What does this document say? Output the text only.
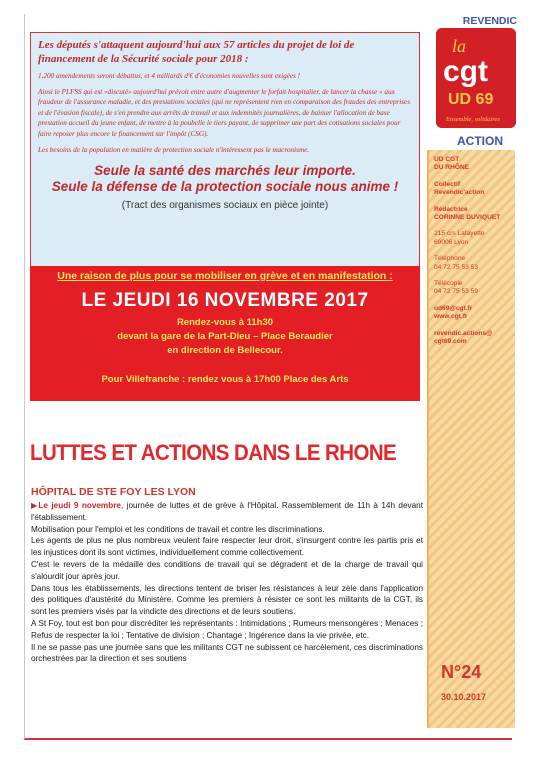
Les députés s'attaquent aujourd'hui aux 57 articles du projet de loi de financement de la Sécurité sociale pour 2018 :
1.200 amendements seront débattus, et 4 milliards d'€ d'économies nouvelles sont exigées !
Ainsi le PLFSS qui est «discuté» aujourd'hui prévoit entre autre d'augmenter le forfait hospitalier, de lancer la chasse « aux fraudeur de l'assurance maladie, et des prestations sociales (qui ne représentent rien en comparaison des fraudes des entreprises et de l'évasion fiscale), de s'en prendre aux arrêts de travail et aux indemnités journalières, de baisser l'allocation de base prestation accueil du jeune enfant, de mettre à la poubelle le tiers payant, de supprimer une part des cotisations sociales pour faire reposer plus encore le financement sur l'impôt (CSG).
Les besoins de la population en matière de protection sociale n'intéressent pas le macronisme.
Seule la santé des marchés leur importe.
Seule la défense de la protection sociale nous anime !
(Tract des organismes sociaux en pièce jointe)
Une raison de plus pour se mobiliser en grève et en manifestation :
LE JEUDI 16 NOVEMBRE 2017
Rendez-vous à 11h30
devant la gare de la Part-Dieu – Place Beraudier
en direction de Bellecour.
Pour Villefranche : rendez vous à 17h00 Place des Arts
REVENDIC
la
cgt
UD 69
Ensemble, solidaires
ACTION
UD CGT
DU RHÔNE
Collectif
Revendic'action
Rédactrice
CORINNE DUVIQUET
215 crs Lafayette
69006 Lyon
Téléphone
04 72 75 53 53
Télécopie
04 72 75 53 59
ud69@cgt.fr
www.cgt.fr
revendic.actions@
cgt69.com
N°24
30.10.2017
LUTTES ET ACTIONS DANS LE RHONE
HÔPITAL DE STE FOY LES LYON

▶Le jeudi 9 novembre, journée de luttes et de grève à l'Hôpital. Rassemblement de 11h à 14h devant l'établissement.

Mobilisation pour l'emploi et les conditions de travail et contre les discriminations.

Les agents de plus ne plus nombreux veulent faire respecter leur droit, s'insurgent contre les partis pris et les injustices dont ils sont victimes, individuellement comme collectivement.

C'est le revers de la médaille des conditions de travail qui se dégradent et de la charge de travail qui s'alourdit jour après jour.

Dans tous les établissements, les directions tentent de briser les résistances à leur zèle dans l'application des politiques d'austérité du Ministère. Comme les premiers à résister ce sont les militants de la CGT, ils sont les premiers visés par la vindicte des directions et de leurs soutiens.

A St Foy, tout est bon pour discréditer les représentants : Intimidations ; Rumeurs mensongères ; Menaces ; Refus de respecter la loi ; Tentative de division ; Chantage ; Ingérence dans la vie privée, etc.

Il ne se passe pas une journée sans que les militants CGT ne subissent ce harcèlement, ces discriminations orchestrées par la direction et ses soutiens
